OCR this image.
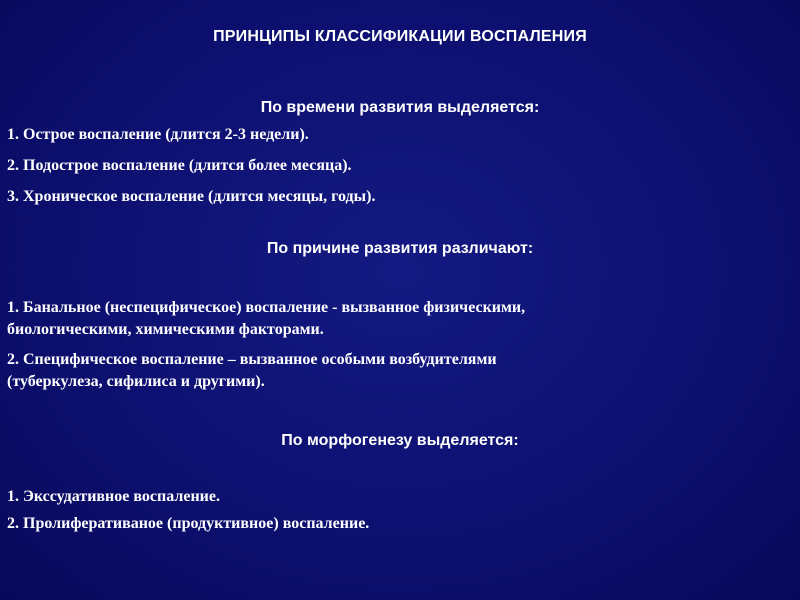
ПРИНЦИПЫ КЛАССИФИКАЦИИ ВОСПАЛЕНИЯ
По времени развития выделяется:
1. Острое воспаление (длится 2-3 недели).
2. Подострое воспаление (длится более месяца).
3. Хроническое воспаление (длится месяцы, годы).
По причине развития различают:
1. Банальное (неспецифическое) воспаление - вызванное физическими,
биологическими, химическими факторами.
2. Специфическое воспаление – вызванное особыми возбудителями
(туберкулеза, сифилиса и другими).
По морфогенезу выделяется:
1. Экссудативное воспаление.
2. Пролиферативаное (продуктивное) воспаление.
